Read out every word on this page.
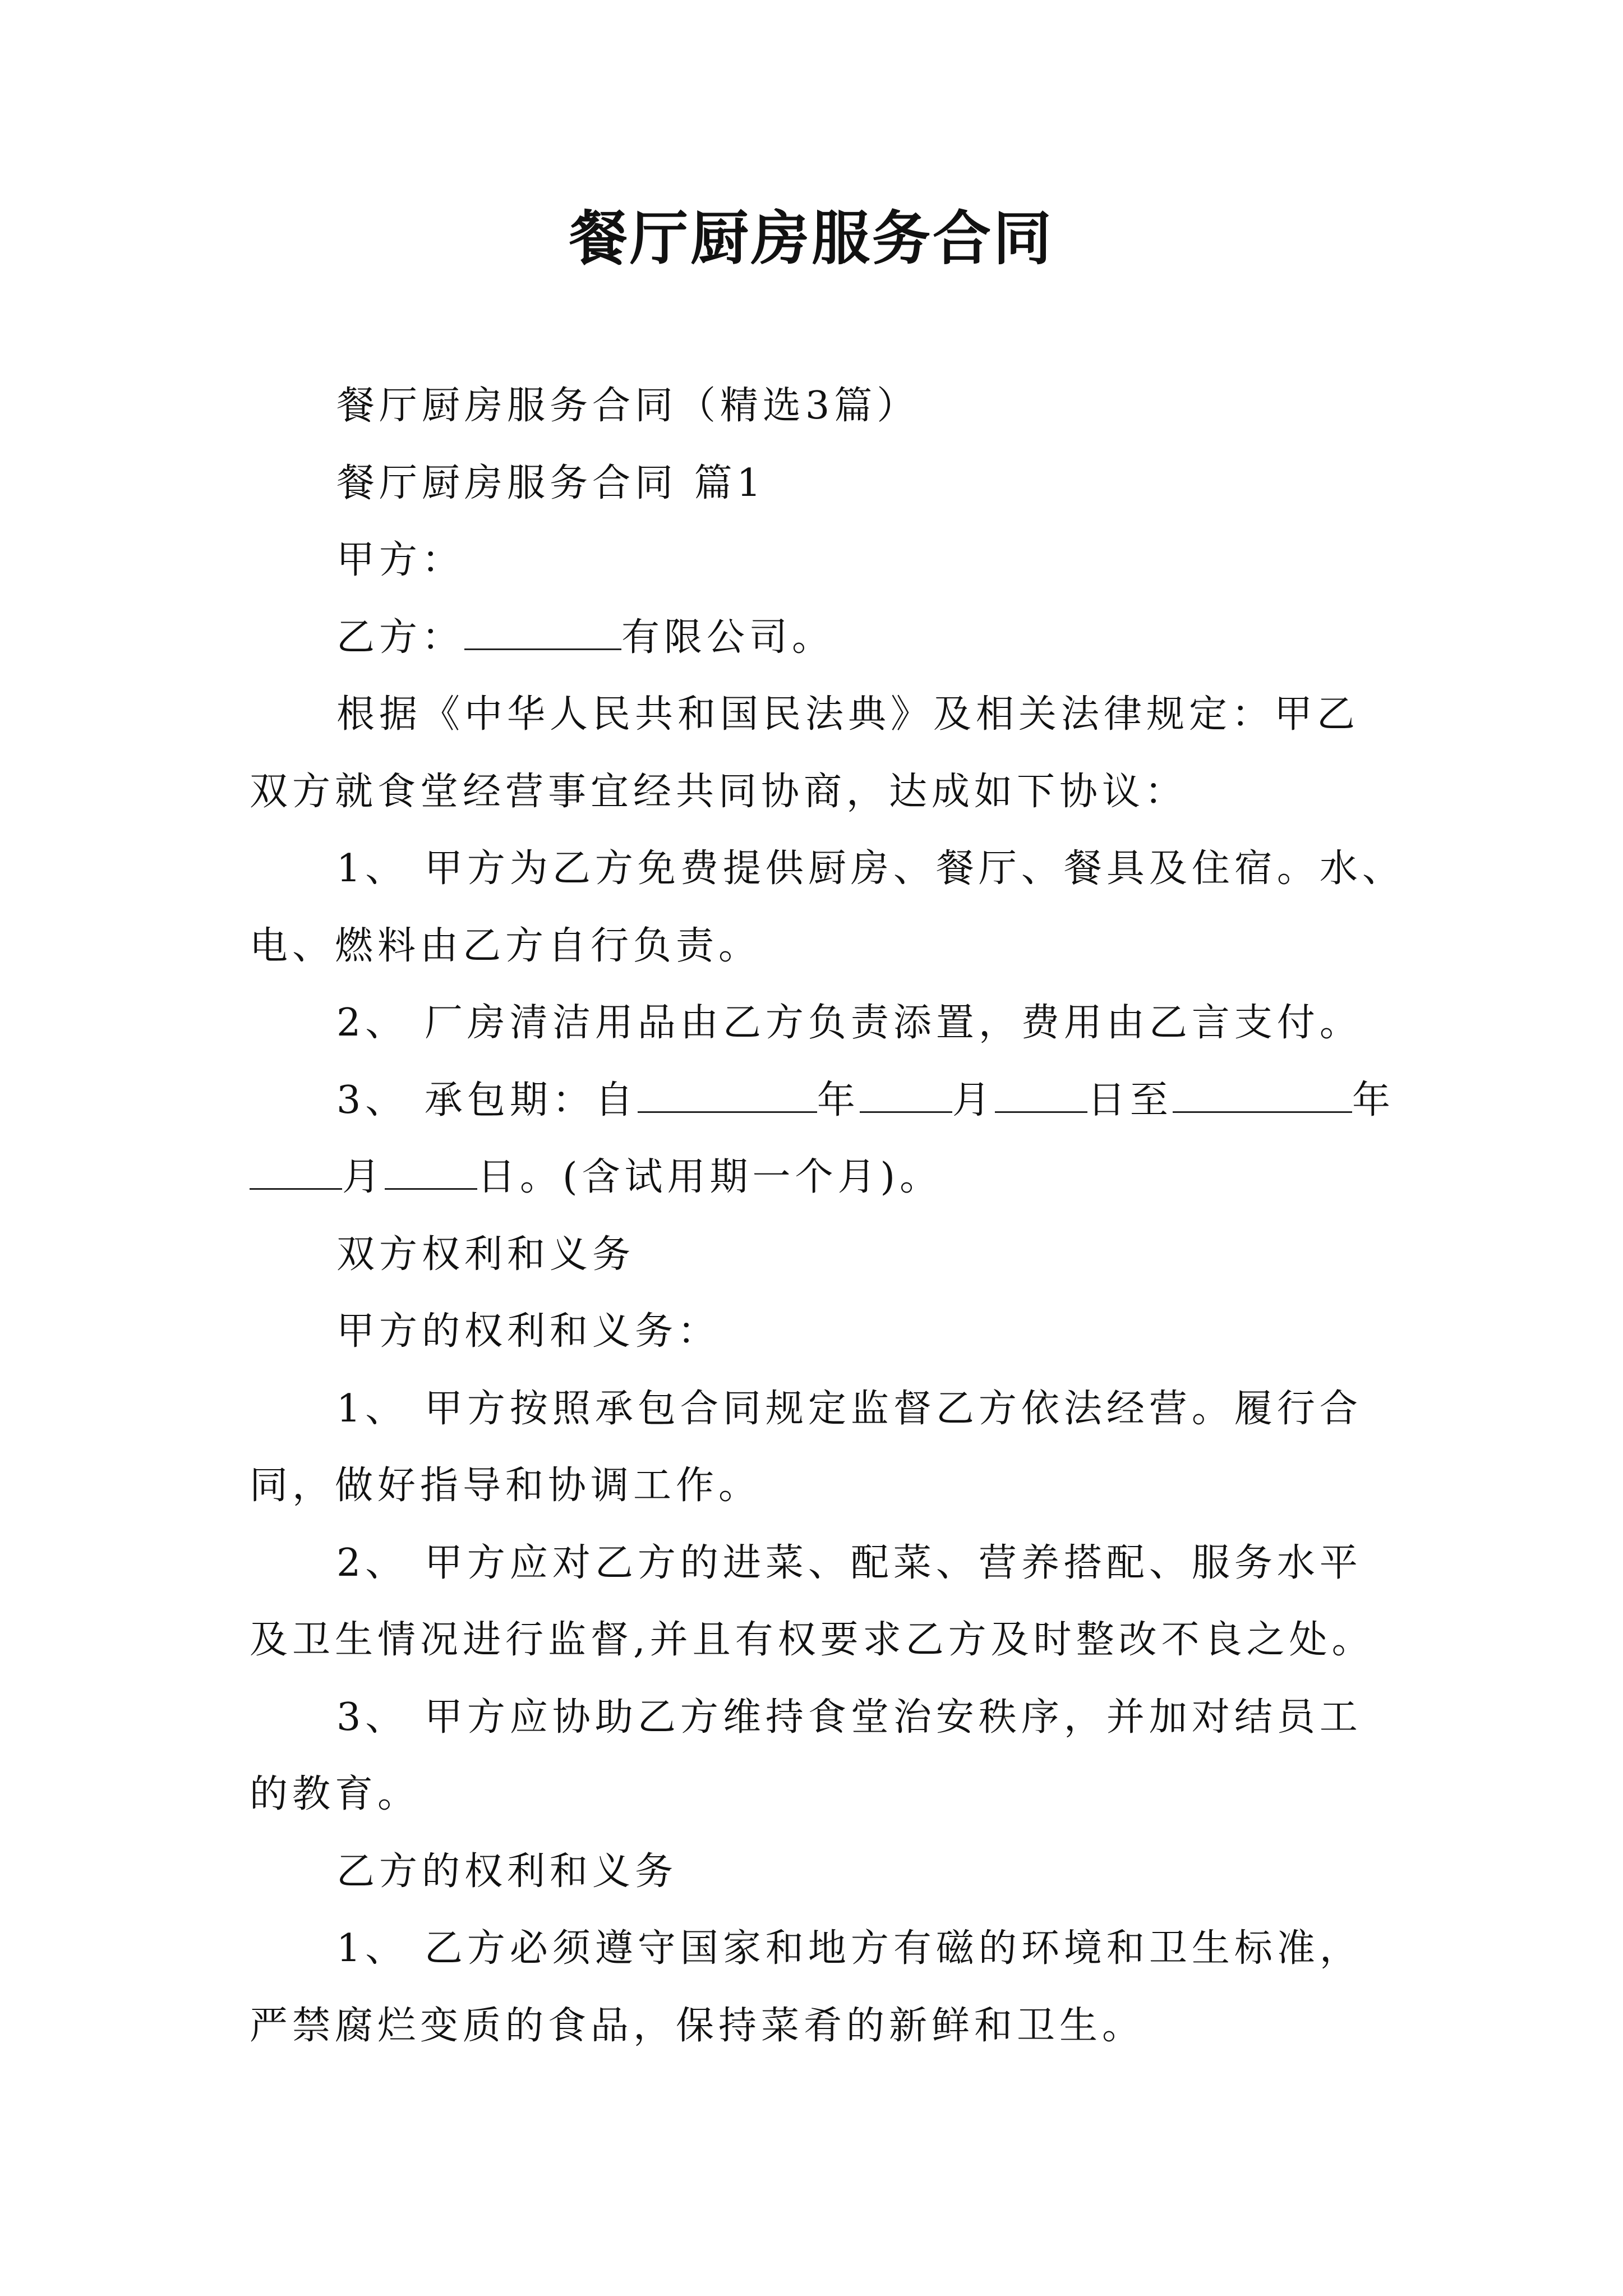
餐厅厨房服务合同
餐厅厨房服务合同（精选3篇）
餐厅厨房服务合同 篇1
甲方：
乙方：	有限公司。
根据《中华人民共和国民法典》及相关法律规定：甲乙
双方就食堂经营事宜经共同协商，达成如下协议：
1、 甲方为乙方免费提供厨房、餐厅、餐具及住宿。水、
电、燃料由乙方自行负责。
2、 厂房清洁用品由乙方负责添置，费用由乙言支付。
3、 承包期：自	年 月 日至	年
月 日。(含试用期一个月)。
双方权利和义务
甲方的权利和义务：
1、 甲方按照承包合同规定监督乙方依法经营。履行合
同，做好指导和协调工作。
2、 甲方应对乙方的进菜、配菜、营养搭配、服务水平
及卫生情况进行监督,并且有权要求乙方及时整改不良之处。
3、 甲方应协助乙方维持食堂治安秩序，并加对结员工
的教育。
乙方的权利和义务
1、 乙方必须遵守国家和地方有磁的环境和卫生标准，
严禁腐烂变质的食品，保持菜肴的新鲜和卫生。
